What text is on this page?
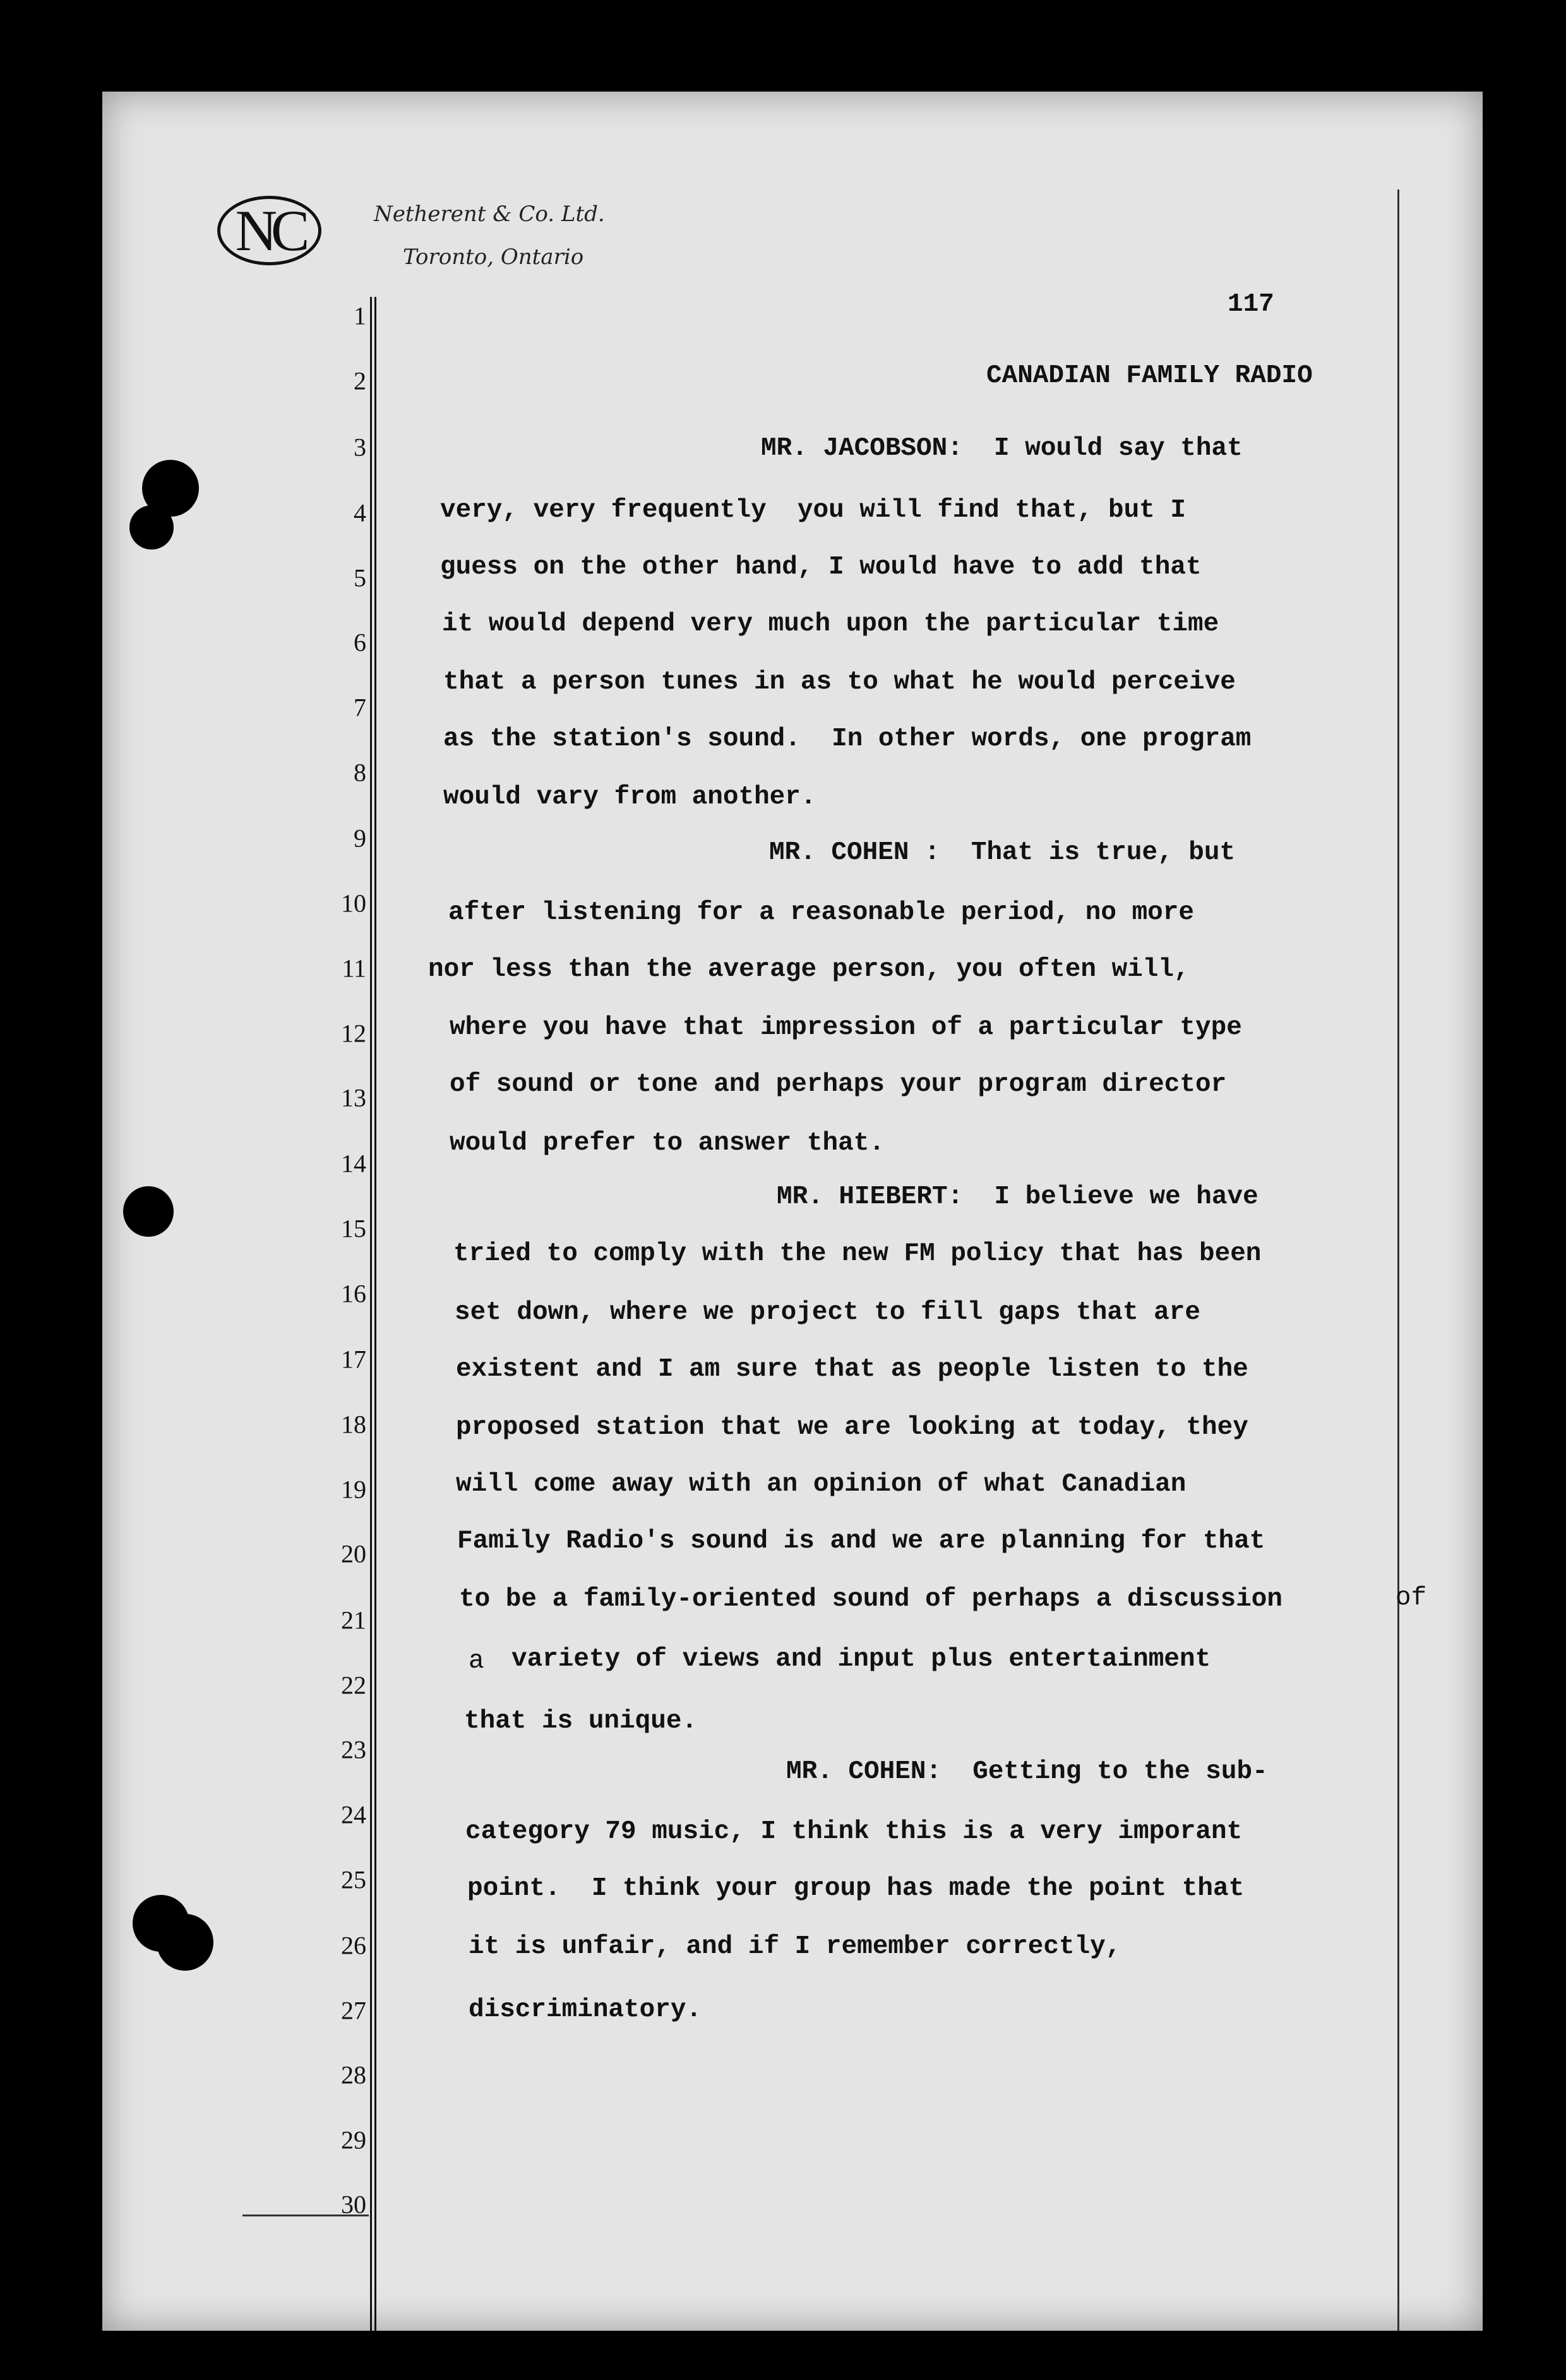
NC	Netherent & Co. Ltd.
Toronto, Ontario
1
2
3
4
5
6
7
8
9
10
11
12
13
14
15
16
17
18
19
20
21
22
23
24
25
26
27
28
29
30
117
CANADIAN FAMILY RADIO
MR. JACOBSON:  I would say that
very, very frequently  you will find that, but I
guess on the other hand, I would have to add that
it would depend very much upon the particular time
that a person tunes in as to what he would perceive
as the station's sound.  In other words, one program
would vary from another.
MR. COHEN :  That is true, but
after listening for a reasonable period, no more
nor less than the average person, you often will,
where you have that impression of a particular type
of sound or tone and perhaps your program director
would prefer to answer that.
MR. HIEBERT:  I believe we have
tried to comply with the new FM policy that has been
set down, where we project to fill gaps that are
existent and I am sure that as people listen to the
proposed station that we are looking at today, they
will come away with an opinion of what Canadian
Family Radio's sound is and we are planning for that
to be a family-oriented sound of perhaps a discussion	of
a variety of views and input plus entertainment
that is unique.
MR. COHEN:  Getting to the sub-
category 79 music, I think this is a very imporant
point.  I think your group has made the point that
it is unfair, and if I remember correctly,
discriminatory.
